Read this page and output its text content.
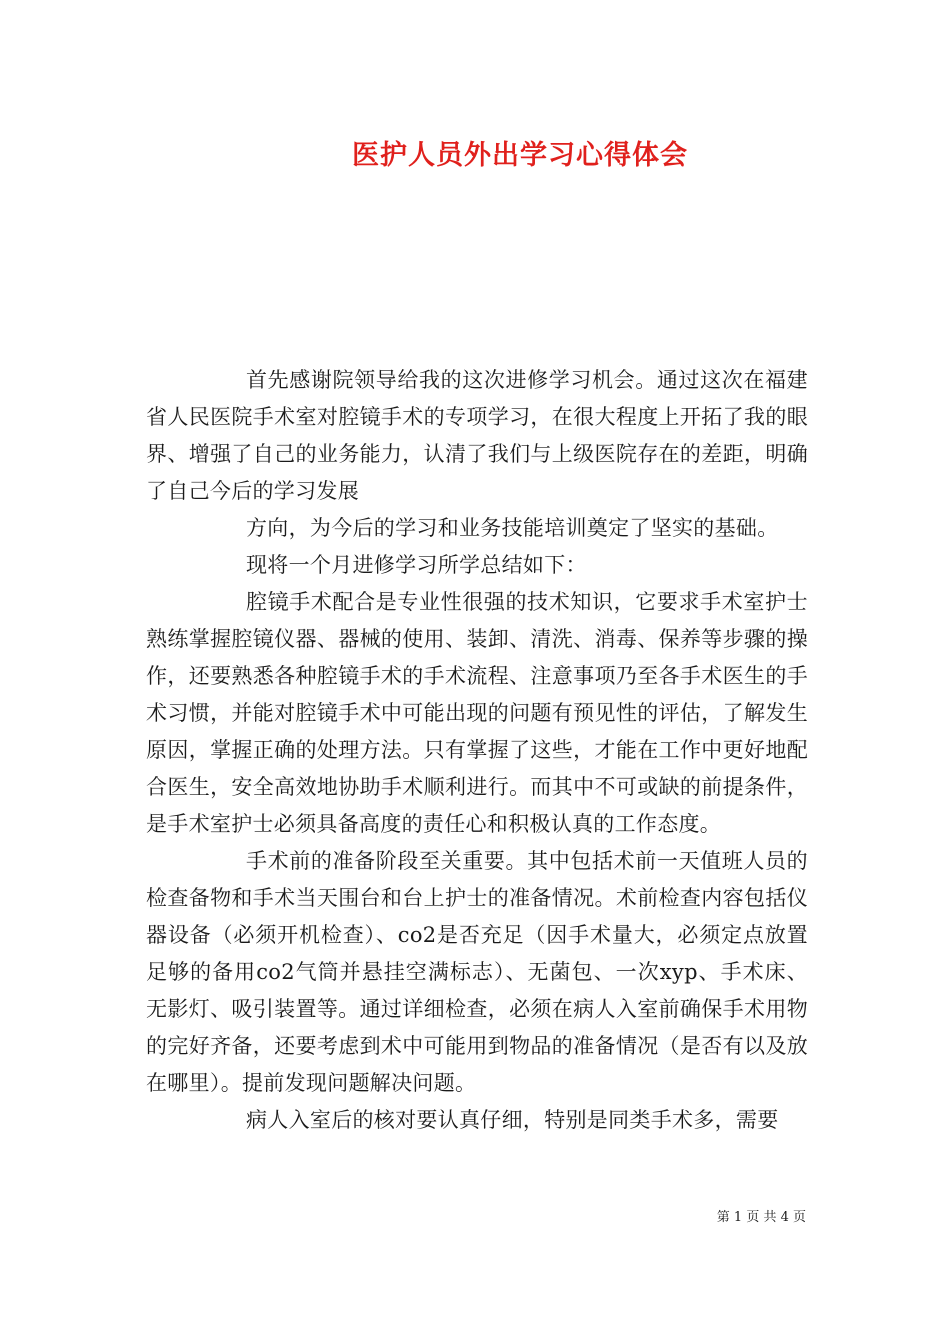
医护人员外出学习心得体会

首先感谢院领导给我的这次进修学习机会。通过这次在福建省人民医院手术室对腔镜手术的专项学习，在很大程度上开拓了我的眼界、增强了自己的业务能力，认清了我们与上级医院存在的差距，明确了自己今后的学习发展

方向，为今后的学习和业务技能培训奠定了坚实的基础。

现将一个月进修学习所学总结如下：

腔镜手术配合是专业性很强的技术知识，它要求手术室护士熟练掌握腔镜仪器、器械的使用、装卸、清洗、消毒、保养等步骤的操作，还要熟悉各种腔镜手术的手术流程、注意事项乃至各手术医生的手术习惯，并能对腔镜手术中可能出现的问题有预见性的评估，了解发生原因，掌握正确的处理方法。只有掌握了这些，才能在工作中更好地配合医生，安全高效地协助手术顺利进行。而其中不可或缺的前提条件，是手术室护士必须具备高度的责任心和积极认真的工作态度。

手术前的准备阶段至关重要。其中包括术前一天值班人员的检查备物和手术当天围台和台上护士的准备情况。术前检查内容包括仪器设备（必须开机检查）、co2是否充足（因手术量大，必须定点放置足够的备用co2气筒并悬挂空满标志）、无菌包、一次xyp、手术床、无影灯、吸引装置等。通过详细检查，必须在病人入室前确保手术用物的完好齐备，还要考虑到术中可能用到物品的准备情况（是否有以及放在哪里）。提前发现问题解决问题。

病人入室后的核对要认真仔细，特别是同类手术多，需要

第 1 页 共 4 页
